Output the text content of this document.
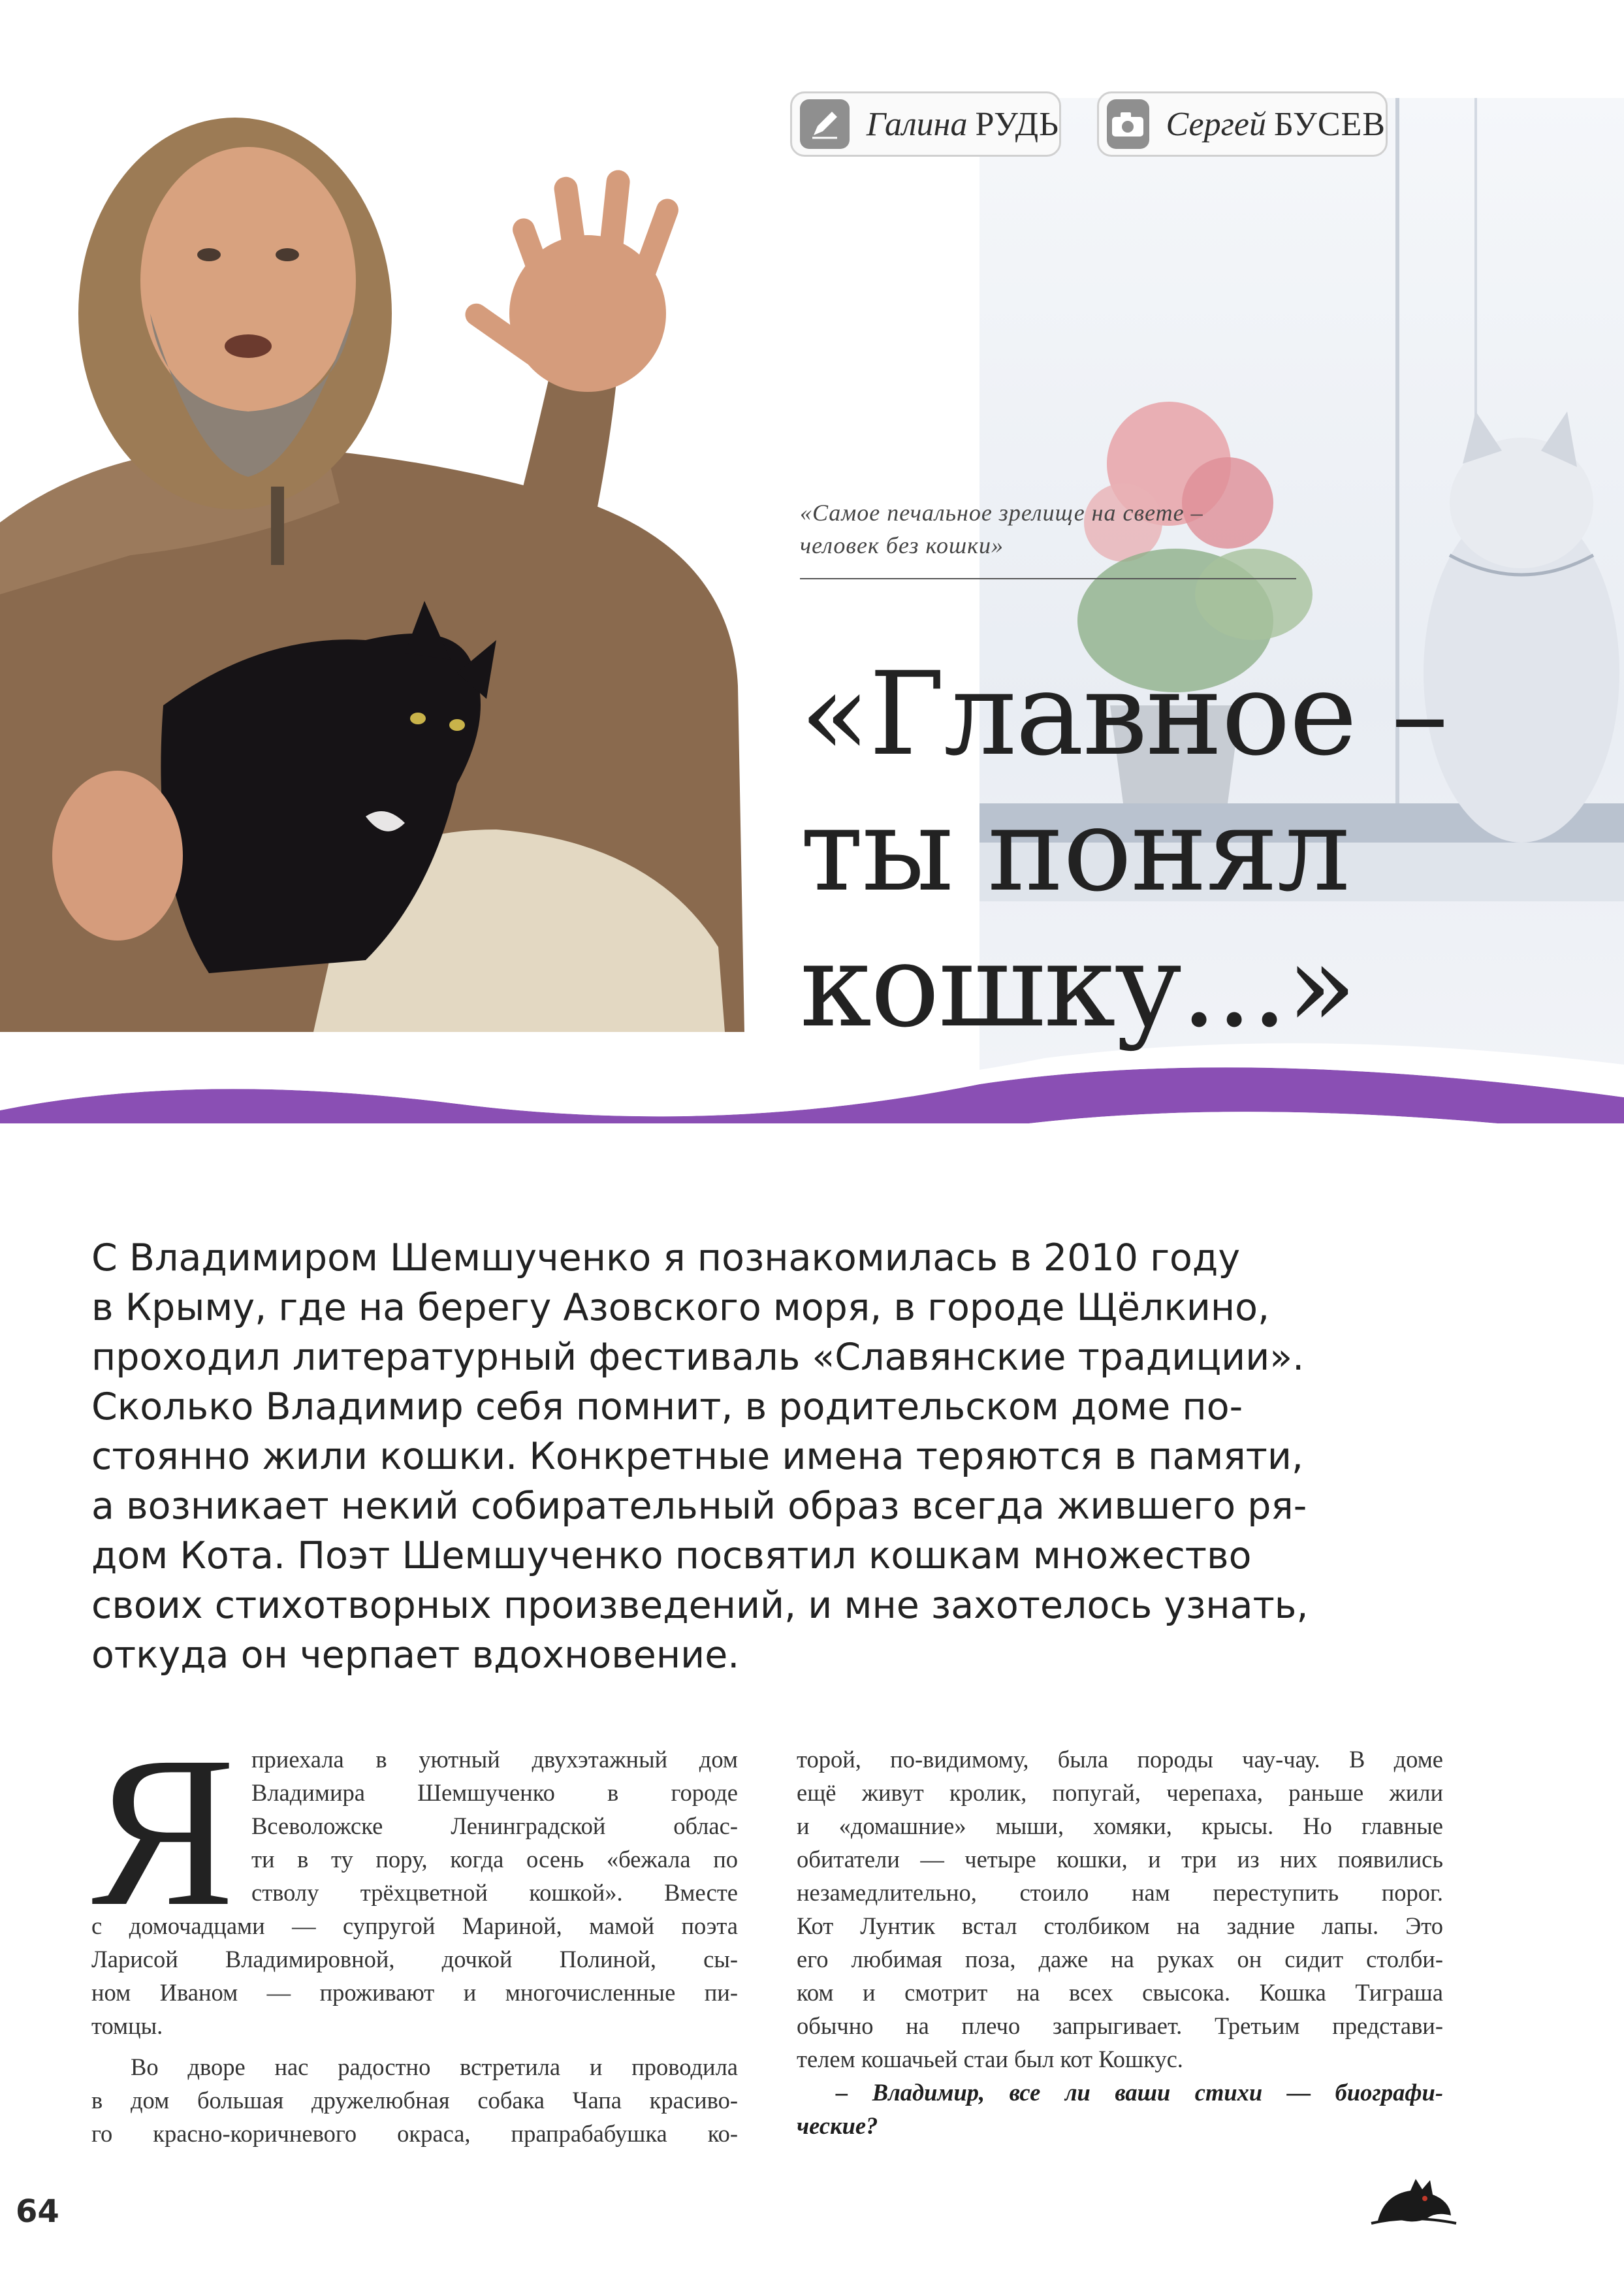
Галина РУДЬ	Сергей БУСЕВ
«Самое печальное зрелище на свете –
человек без кошки»
«Главное –
ты понял
кошку...»
С Владимиром Шемшученко я познакомилась в 2010 году
в Крыму, где на берегу Азовского моря, в городе Щёлкино,
проходил литературный фестиваль «Славянские традиции».
Сколько Владимир себя помнит, в родительском доме по-
стоянно жили кошки. Конкретные имена теряются в памяти,
а возникает некий собирательный образ всегда жившего ря-
дом Кота. Поэт Шемшученко посвятил кошкам множество
своих стихотворных произведений, и мне захотелось узнать,
откуда он черпает вдохновение.
Я приехала в уютный двухэтажный дом
Владимира Шемшученко в городе
Всеволожске Ленинградской облас-
ти в ту пору, когда осень «бежала по
стволу трёхцветной кошкой». Вместе
с домочадцами — супругой Мариной, мамой поэта
Ларисой Владимировной, дочкой Полиной, сы-
ном Иваном — проживают и многочисленные пи-
томцы.
Во дворе нас радостно встретила и проводила
в дом большая дружелюбная собака Чапа красиво-
го красно-коричневого окраса, прапрабабушка ко-
торой, по-видимому, была породы чау-чау. В доме
ещё живут кролик, попугай, черепаха, раньше жили
и «домашние» мыши, хомяки, крысы. Но главные
обитатели — четыре кошки, и три из них появились
незамедлительно, стоило нам переступить порог.
Кот Лунтик встал столбиком на задние лапы. Это
его любимая поза, даже на руках он сидит столби-
ком и смотрит на всех свысока. Кошка Тиграша
обычно на плечо запрыгивает. Третьим представи-
телем кошачьей стаи был кот Кошкус.
– Владимир, все ли ваши стихи — биографи-
ческие?
64
